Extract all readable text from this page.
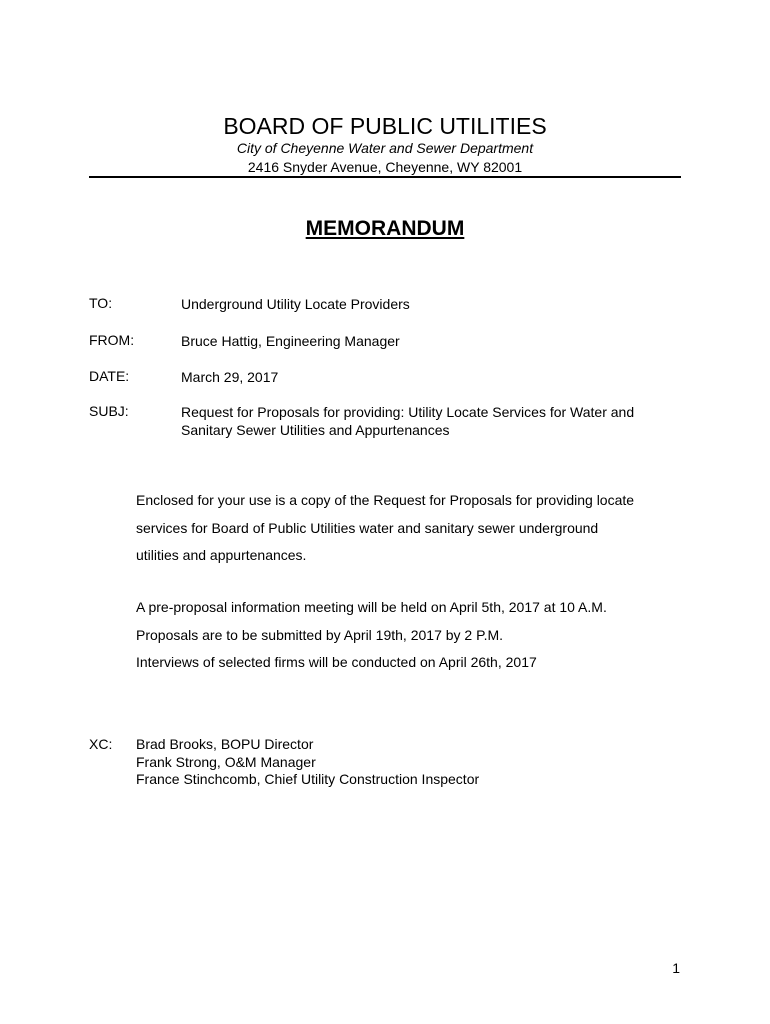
BOARD OF PUBLIC UTILITIES
City of Cheyenne Water and Sewer Department
2416 Snyder Avenue, Cheyenne, WY 82001
MEMORANDUM
TO:	Underground Utility Locate Providers
FROM:	Bruce Hattig, Engineering Manager
DATE:	March 29, 2017
SUBJ:	Request for Proposals for providing: Utility Locate Services for Water and
Sanitary Sewer Utilities and Appurtenances
Enclosed for your use is a copy of the Request for Proposals for providing locate
services for Board of Public Utilities water and sanitary sewer underground
utilities and appurtenances.
A pre-proposal information meeting will be held on April 5th, 2017 at 10 A.M.
Proposals are to be submitted by April 19th, 2017 by 2 P.M.
Interviews of selected firms will be conducted on April 26th, 2017
XC: Brad Brooks, BOPU Director
Frank Strong, O&M Manager
France Stinchcomb, Chief Utility Construction Inspector
1
